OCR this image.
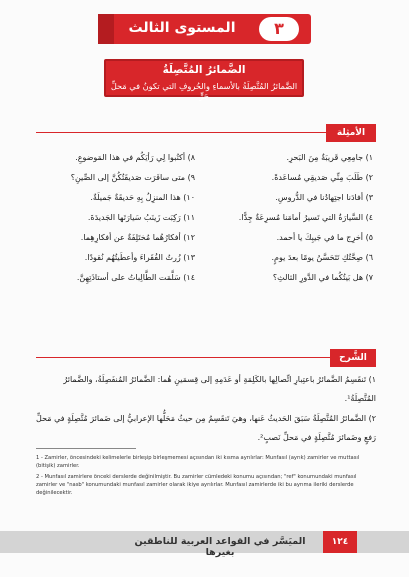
المستوى الثالث	٣
الضَّمائرُ المُتَّصِلَةُ
الضَّمائرُ المُتَّصِلَةُ بالأسماءِ والحُروفِ التي تكونُ في مَحلِّ جَرٍّ
الأمثِلة
١) جامِعِي قَريبَةٌ مِنَ البَحرِ.
٢) طَلَبَ مِنِّي صَديقِي مُساعَدةً.
٣) أفادَنا اجتِهادُنا في الدُّروسِ.
٤) السَّيارَةُ التي تَسيرُ أمامَنا مُسرِعَةٌ جِدًّا.
٥) أخرِج ما في جَيبِكَ يا أحمد.
٦) صِحَّتُكِ تَتَحَسَّنُ يومًا بعدَ يومٍ.
٧) هل بَيتُكُما في الدَّورِ الثالثِ؟
٨) أكتُبوا لِي رَأيَكُم في هذا المَوضوعِ.
٩) متى سافَرَت صَديقَتُكُنَّ إلى الصِّينِ؟
١٠) هذا المنزِلُ بِهِ حَديقَةٌ جَميلَةٌ.
١١) رَكِبَت زَينَبُ سَيارَتَها الجَديدَةَ.
١٢) أفكارُهُما مُختَلِفَةٌ عن أفكارِهِما.
١٣) زُرتُ الفُقَراءَ وأعطَيتُهُم نُقودًا.
١٤) سَلَّمَت الطَّالِباتُ على أستاذَتِهِنَّ.
الشَّرح
١) تَنقَسِمُ الضَّمائرُ باعتِبارِ اتِّصالِها بالكَلِمَةِ أو عَدَمِهِ إلى قِسمَينِ هُما: الضَّمائرُ المُنفَصِلَةُ، والضَّمائرُ المُتَّصِلَةُ¹.
٢) الضَّمائرُ المُتَّصِلَةُ سَبَقَ الحَديثُ عَنها، وهيَ تَنقَسِمُ مِن حيثُ مَحَلُّها الإعرابيُّ إلى ضَمائرَ مُتَّصِلَةٍ في مَحلِّ رَفعٍ وضَمائرَ مُتَّصِلَةٍ في مَحلِّ نَصبٍ².
1 - Zamirler, öncesindeki kelimelerle birleşip birleşmemesi açısından iki kısma ayrılırlar: Munfasıl (ayrık) zamirler ve muttasıl (bitişik) zamirler.
2 - Munfasıl zamirlere önceki derslerde değinilmiştir. Bu zamirler cümledeki konumu açısından; "ref" konumundaki munfasıl zamirler ve "nasb" konumundaki munfasıl zamirler olarak ikiye ayrılırlar. Munfasıl zamirlerde iki bu ayrıma ileriki derslerde değinilecektir.
الميَسَّر في القواعد العربية للناطقين بغيرها
١٢٤
